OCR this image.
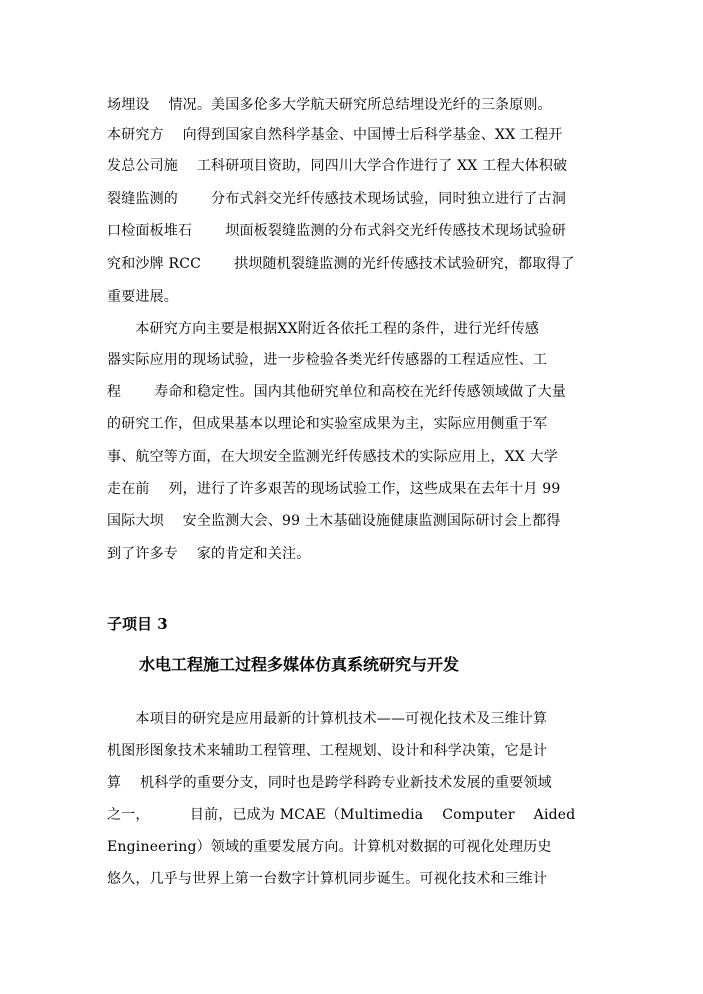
场埋设　 情况。美国多伦多大学航天研究所总结埋设光纤的三条原则。
本研究方　 向得到国家自然科学基金、中国博士后科学基金、XX 工程开
发总公司施　 工科研项目资助，同四川大学合作进行了 XX 工程大体积破
裂缝监测的　　 分布式斜交光纤传感技术现场试验，同时独立进行了古洞
口检面板堆石　　 坝面板裂缝监测的分布式斜交光纤传感技术现场试验研
究和沙牌 RCC　　 拱坝随机裂缝监测的光纤传感技术试验研究，都取得了
重要进展。
　　本研究方向主要是根据XX附近各依托工程的条件，进行光纤传感
器实际应用的现场试验，进一步检验各类光纤传感器的工程适应性、工
程　　 寿命和稳定性。国内其他研究单位和高校在光纤传感领域做了大量
的研究工作，但成果基本以理论和实验室成果为主，实际应用侧重于军
事、航空等方面，在大坝安全监测光纤传感技术的实际应用上，XX 大学
走在前　 列，进行了许多艰苦的现场试验工作，这些成果在去年十月 99
国际大坝　 安全监测大会、99 土木基础设施健康监测国际研讨会上都得
到了许多专　 家的肯定和关注。
子项目 3
水电工程施工过程多媒体仿真系统研究与开发
　　本项目的研究是应用最新的计算机技术——可视化技术及三维计算
机图形图象技术来辅助工程管理、工程规划、设计和科学决策，它是计
算　 机科学的重要分支，同时也是跨学科跨专业新技术发展的重要领域
之一，　　　 目前，已成为 MCAE（Multimedia　 Computer　 Aided
Engineering）领域的重要发展方向。计算机对数据的可视化处理历史
悠久，几乎与世界上第一台数字计算机同步诞生。可视化技术和三维计
